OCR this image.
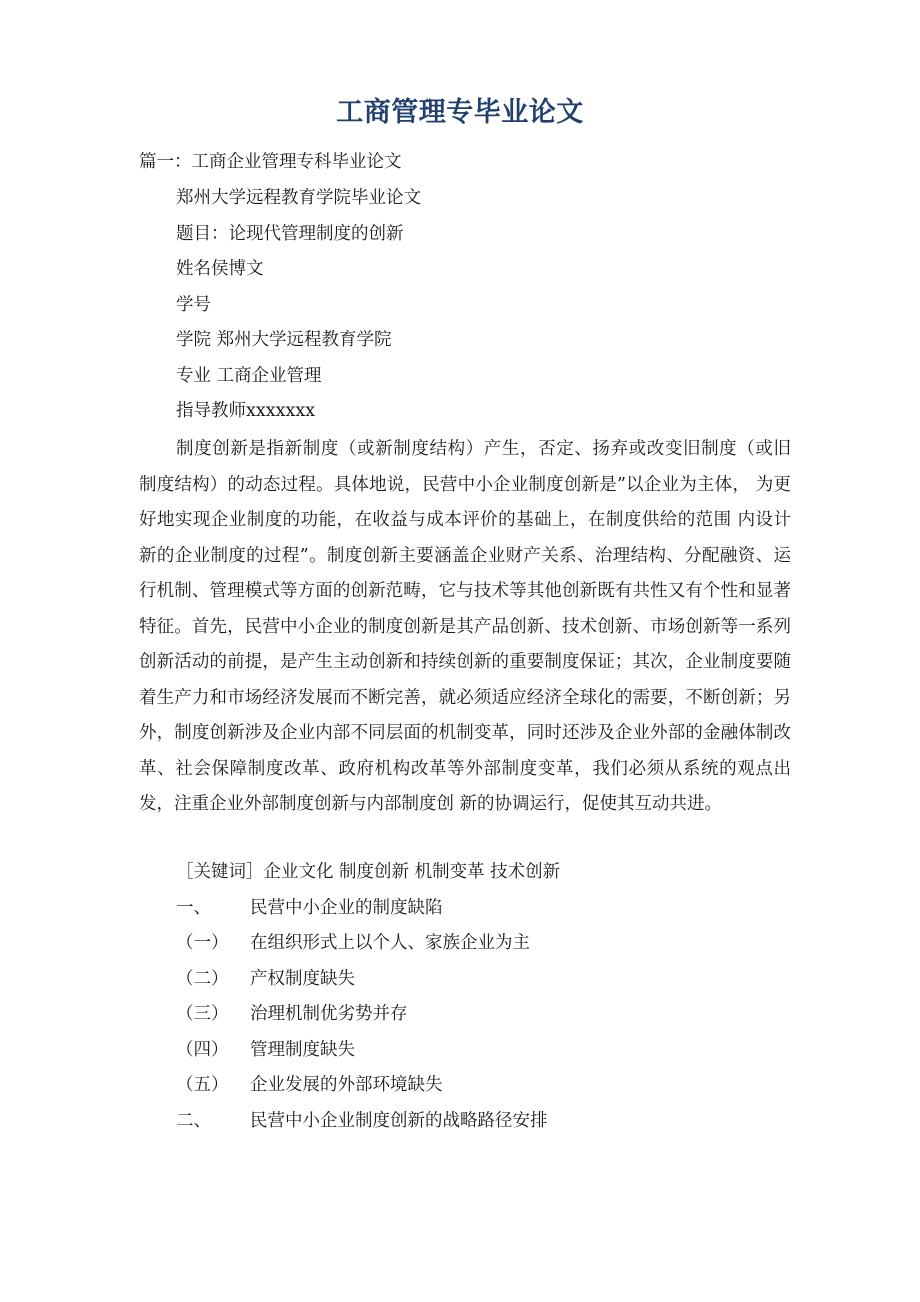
工商管理专毕业论文
篇一：工商企业管理专科毕业论文
郑州大学远程教育学院毕业论文
题目：论现代管理制度的创新
姓名侯博文
学号
学院 郑州大学远程教育学院
专业 工商企业管理
指导教师xxxxxxx
制度创新是指新制度（或新制度结构）产生，否定、扬弃或改变旧制度（或旧 制度结构）的动态过程。具体地说，民营中小企业制度创新是”以企业为主体， 为更好地实现企业制度的功能，在收益与成本评价的基础上，在制度供给的范围 内设计新的企业制度的过程”。制度创新主要涵盖企业财产关系、治理结构、分配融资、运行机制、管理模式等方面的创新范畴，它与技术等其他创新既有共性又有个性和显著特征。首先，民营中小企业的制度创新是其产品创新、技术创新、市场创新等一系列创新活动的前提，是产生主动创新和持续创新的重要制度保证；其次，企业制度要随着生产力和市场经济发展而不断完善，就必须适应经济全球化的需要，不断创新；另外，制度创新涉及企业内部不同层面的机制变革，同时还涉及企业外部的金融体制改革、社会保障制度改革、政府机构改革等外部制度变革，我们必须从系统的观点出发，注重企业外部制度创新与内部制度创 新的协调运行，促使其互动共进。
［关键词］企业文化 制度创新 机制变革 技术创新
一、 民营中小企业的制度缺陷
（一） 在组织形式上以个人、家族企业为主
（二） 产权制度缺失
（三） 治理机制优劣势并存
（四） 管理制度缺失
（五） 企业发展的外部环境缺失
二、 民营中小企业制度创新的战略路径安排
